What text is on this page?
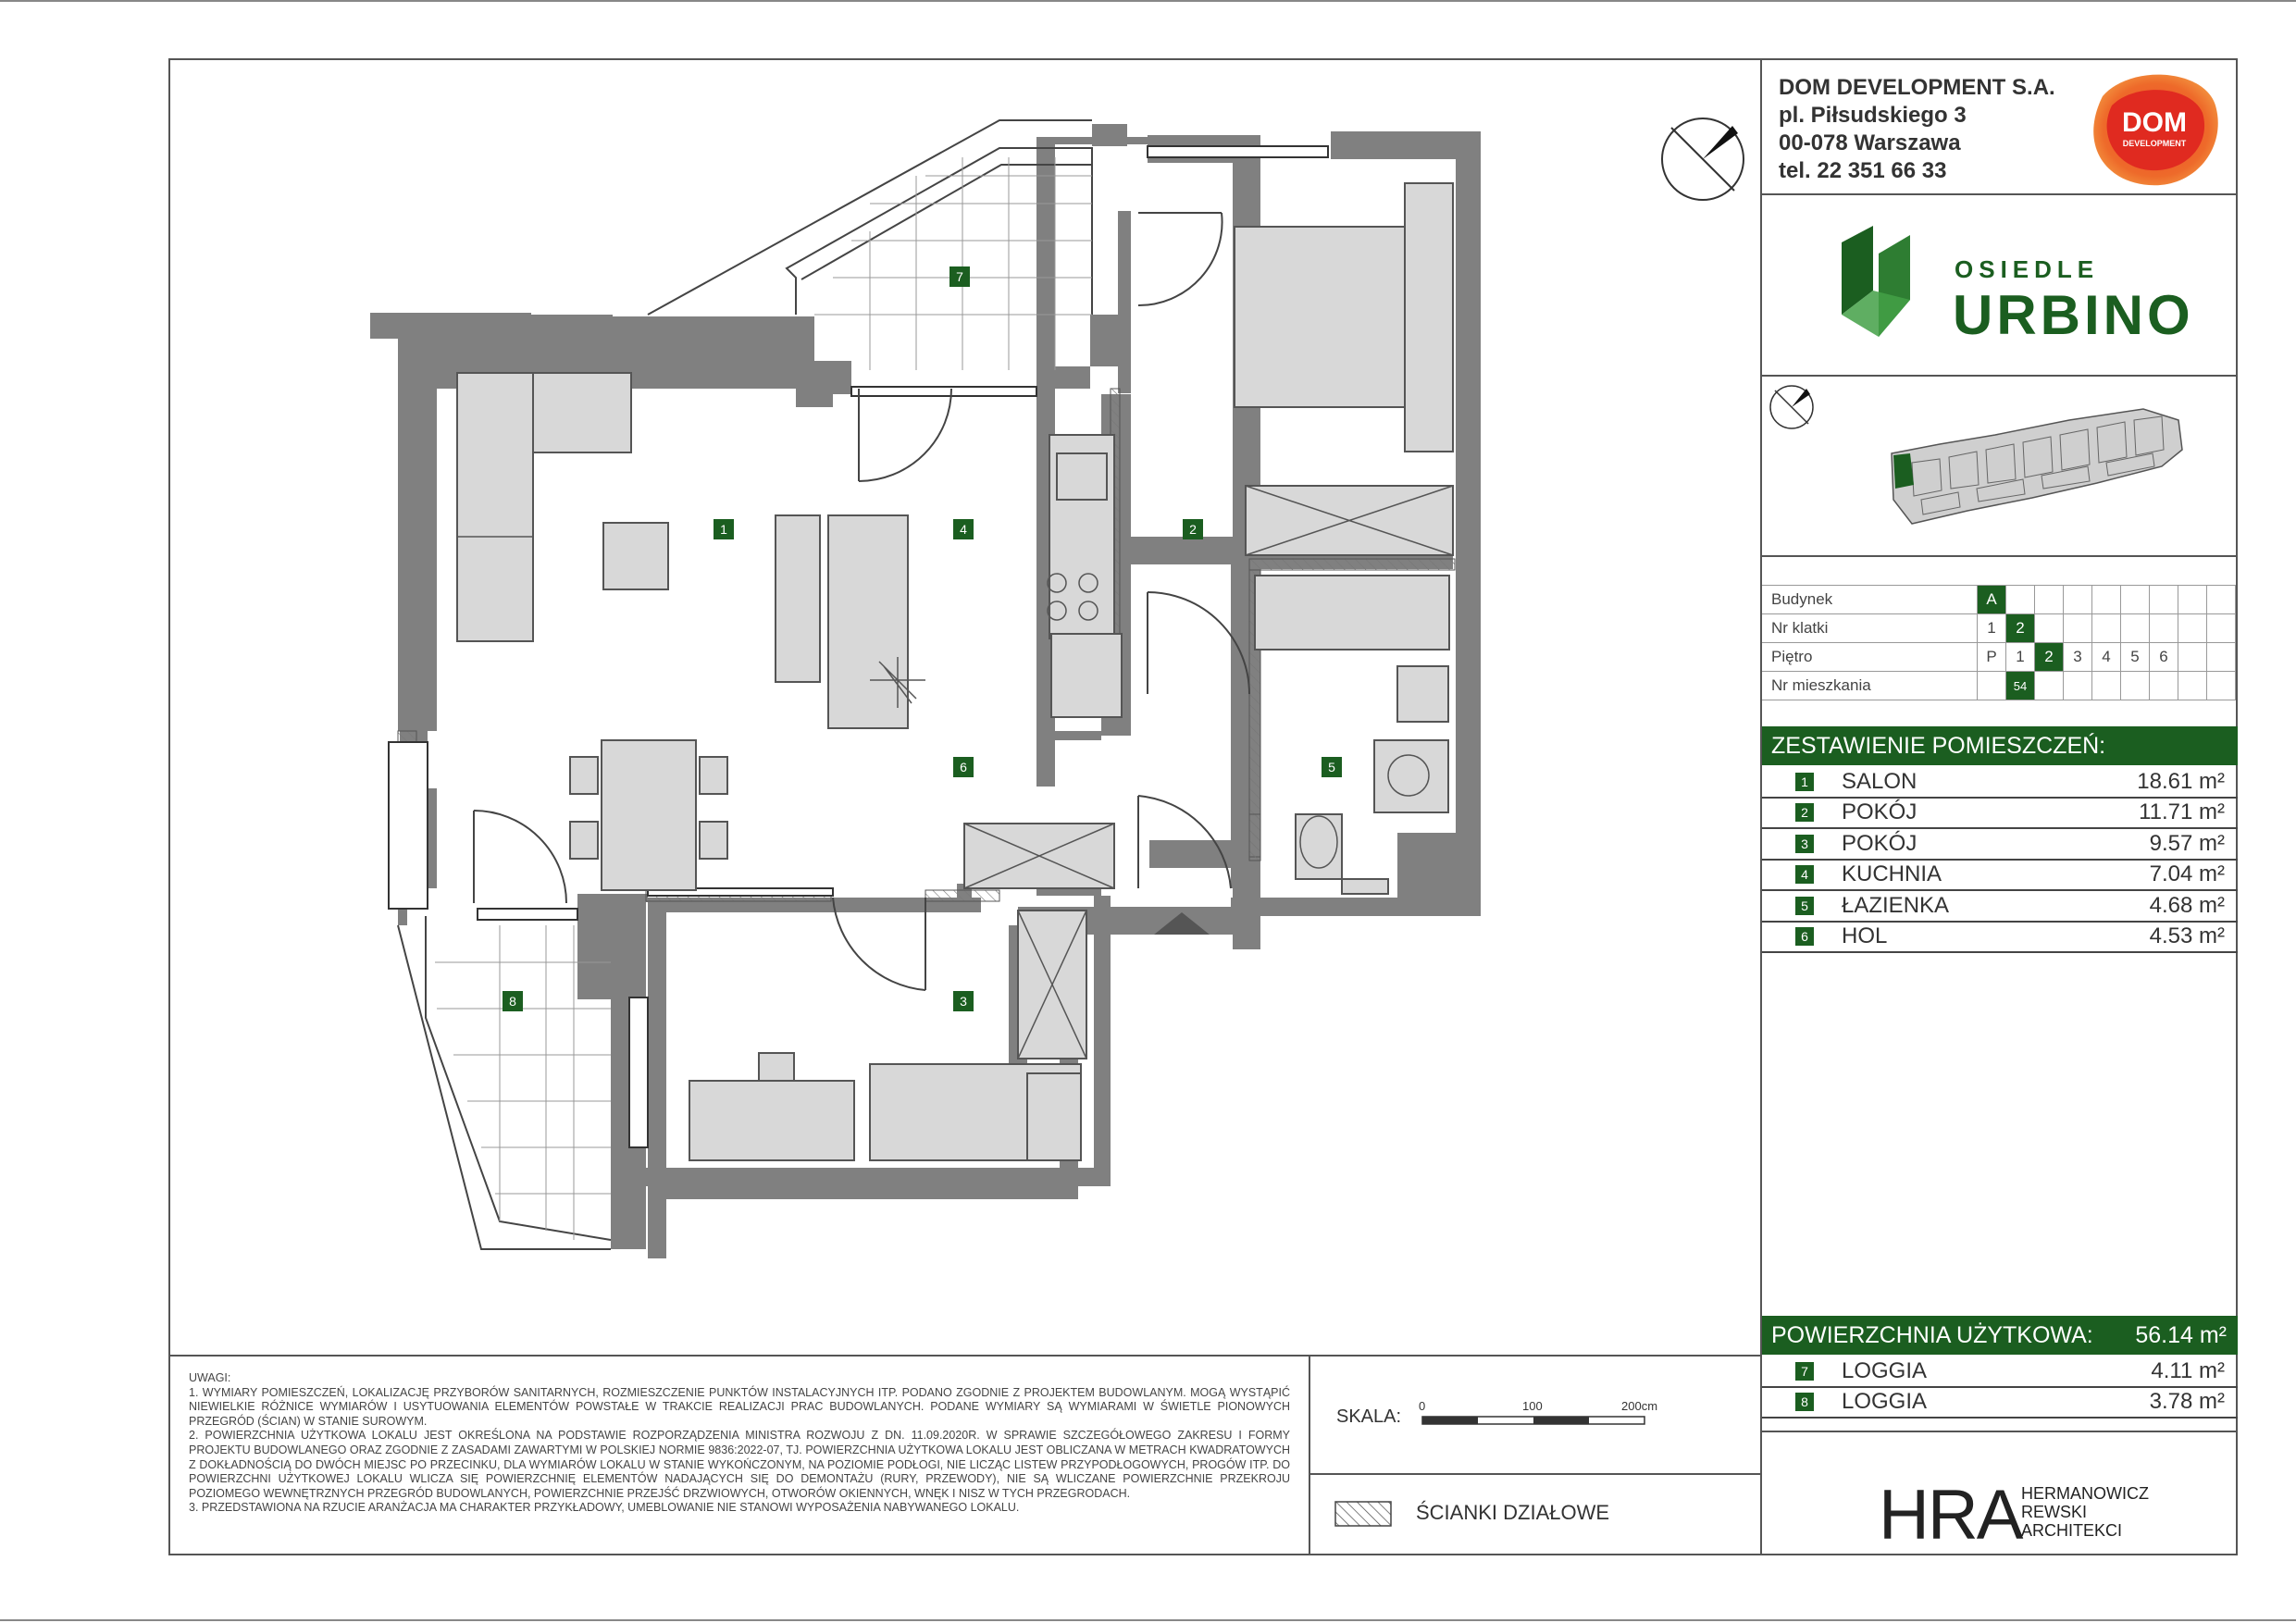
DOM DEVELOPMENT S.A.
pl. Piłsudskiego 3
00-078 Warszawa
tel. 22 351 66 33
DOM
DEVELOPMENT
OSIEDLE
URBINO
Budynek	A								
Nr klatki	1	2							
Piętro	P	1	2	3	4	5	6		
Nr mieszkania		54							
ZESTAWIENIE POMIESZCZEŃ:
1 SALON	18.61 m²
2 POKÓJ	11.71 m²
3 POKÓJ	9.57 m²
4 KUCHNIA	7.04 m²
5 ŁAZIENKA	4.68 m²
6 HOL	4.53 m²
POWIERZCHNIA UŻYTKOWA: 56.14 m²
7 LOGGIA	4.11 m²
8 LOGGIA	3.78 m²
HRA HERMANOWICZ
REWSKI
ARCHITEKCI
UWAGI:
1. WYMIARY POMIESZCZEŃ, LOKALIZACJĘ PRZYBORÓW SANITARNYCH, ROZMIESZCZENIE PUNKTÓW INSTALACYJNYCH ITP. PODANO ZGODNIE Z PROJEKTEM BUDOWLANYM. MOGĄ WYSTĄPIĆ NIEWIELKIE RÓŻNICE WYMIARÓW I USYTUOWANIA ELEMENTÓW POWSTAŁE W TRAKCIE REALIZACJI PRAC BUDOWLANYCH. PODANE WYMIARY SĄ WYMIARAMI W ŚWIETLE PIONOWYCH PRZEGRÓD (ŚCIAN) W STANIE SUROWYM.
2. POWIERZCHNIA UŻYTKOWA LOKALU JEST OKREŚLONA NA PODSTAWIE ROZPORZĄDZENIA MINISTRA ROZWOJU Z DN. 11.09.2020R. W SPRAWIE SZCZEGÓŁOWEGO ZAKRESU I FORMY PROJEKTU BUDOWLANEGO ORAZ ZGODNIE Z ZASADAMI ZAWARTYMI W POLSKIEJ NORMIE 9836:2022-07, TJ. POWIERZCHNIA UŻYTKOWA LOKALU JEST OBLICZANA W METRACH KWADRATOWYCH Z DOKŁADNOŚCIĄ DO DWÓCH MIEJSC PO PRZECINKU, DLA WYMIARÓW LOKALU W STANIE WYKOŃCZONYM, NA POZIOMIE PODŁOGI, NIE LICZĄC LISTEW PRZYPODŁOGOWYCH, PROGÓW ITP. DO POWIERZCHNI UŻYTKOWEJ LOKALU WLICZA SIĘ POWIERZCHNIĘ ELEMENTÓW NADAJĄCYCH SIĘ DO DEMONTAŻU (RURY, PRZEWODY), NIE SĄ WLICZANE POWIERZCHNIE PRZEKROJU POZIOMEGO WEWNĘTRZNYCH PRZEGRÓD BUDOWLANYCH, POWIERZCHNIE PRZEJŚĆ DRZWIOWYCH, OTWORÓW OKIENNYCH, WNĘK I NISZ W TYCH PRZEGRODACH.
3. PRZEDSTAWIONA NA RZUCIE ARANŻACJA MA CHARAKTER PRZYKŁADOWY, UMEBLOWANIE NIE STANOWI WYPOSAŻENIA NABYWANEGO LOKALU.
SKALA:
0	100	200cm
ŚCIANKI DZIAŁOWE
1	2
3
4
5
6
7
8
